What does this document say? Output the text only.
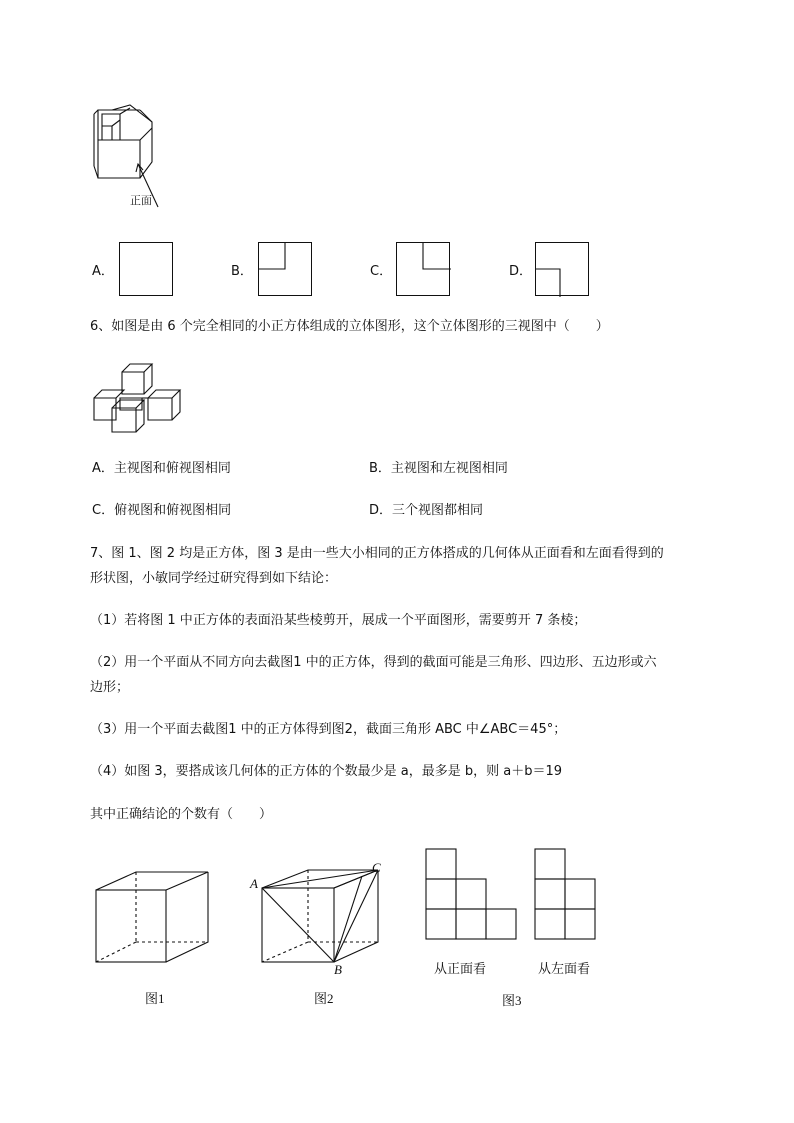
正面
A．	B．	C．	D．
6、如图是由 6 个完全相同的小正方体组成的立体图形，这个立体图形的三视图中（　　）
A．主视图和俯视图相同	B．主视图和左视图相同
C．俯视图和俯视图相同	D．三个视图都相同
7、图 1、图 2 均是正方体，图 3 是由一些大小相同的正方体搭成的几何体从正面看和左面看得到的
形状图，小敏同学经过研究得到如下结论：
（1）若将图 1 中正方体的表面沿某些棱剪开，展成一个平面图形，需要剪开 7 条棱；
（2）用一个平面从不同方向去截图1 中的正方体，得到的截面可能是三角形、四边形、五边形或六
边形；
（3）用一个平面去截图1 中的正方体得到图2，截面三角形 ABC 中∠ABC＝45°；
（4）如图 3，要搭成该几何体的正方体的个数最少是 a，最多是 b，则 a＋b＝19
其中正确结论的个数有（　　）
图1
A
B
C
图2
从正面看	从左面看
图3
